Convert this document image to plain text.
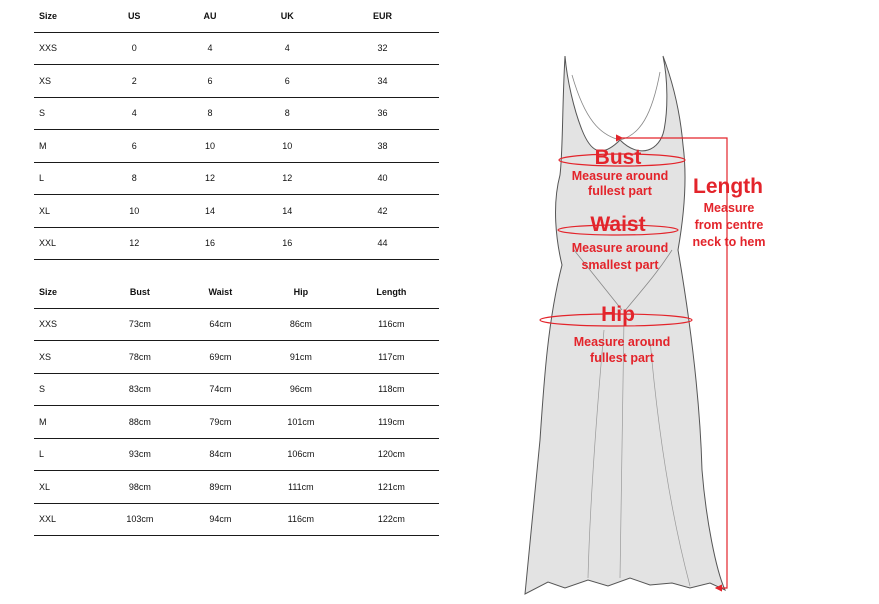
Size	US	AU	UK	EUR
XXS	0	4	4	32
XS	2	6	6	34
S	4	8	8	36
M	6	10	10	38
L	8	12	12	40
XL	10	14	14	42
XXL	12	16	16	44
Size	Bust	Waist	Hip	Length
XXS	73cm	64cm	86cm	116cm
XS	78cm	69cm	91cm	117cm
S	83cm	74cm	96cm	118cm
M	88cm	79cm	101cm	119cm
L	93cm	84cm	106cm	120cm
XL	98cm	89cm	111cm	121cm
XXL	103cm	94cm	116cm	122cm
Bust
Measure around
fullest part
Waist
Measure around
smallest part
Hip
Measure around
fullest part
Length
Measure
from centre
neck to hem
